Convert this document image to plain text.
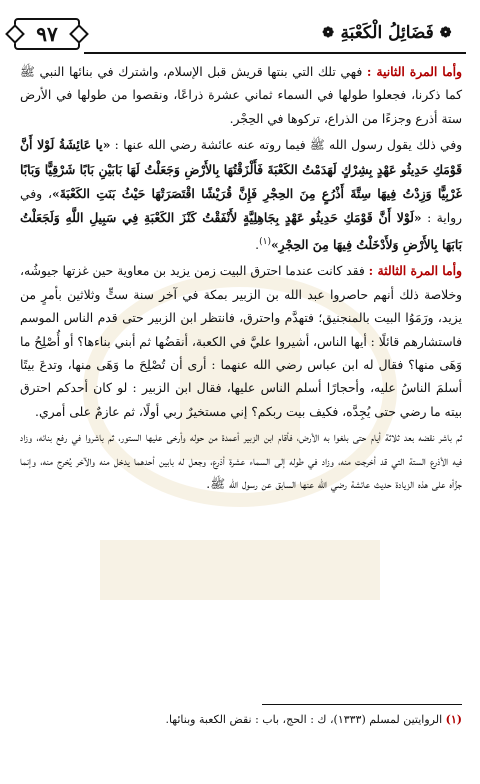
٩٧	❁ فَضَائِلُ الْكَعْبَةِ ❁

وأما المرة الثانية : فهي تلك التي بنتها قريش قبل الإسلام، واشترك في بنائها النبي ﷺ كما ذكرنا، فجعلوا طولها في السماء ثماني عشرة ذراعًا، ونقصوا من طولها في الأرض ستة أذرع وجزءًا من الذراع، تركوها في الحِجْر.

وفي ذلك يقول رسول الله ﷺ فيما روته عنه عائشة رضي الله عنها : «يا عَائِشَةُ لَوْلا أَنَّ قَوْمَكِ حَدِيثُو عَهْدٍ بِشِرْكٍ لَهَدَمْتُ الكَعْبَةَ فَأَلْزَقْتُهَا بِالأَرْضِ وَجَعَلْتُ لَهَا بَابَيْنِ بَابًا شَرْقِيًّا وَبَابًا غَرْبِيًّا وَزِدْتُ فِيهَا سِتَّةَ أَذْرُعٍ مِنَ الحِجْرِ فَإِنَّ قُرَيْشًا اقْتَصَرَتْهَا حَيْثُ بَنَتِ الكَعْبَةَ»، وفي رواية : «لَوْلا أَنَّ قَوْمَكِ حَدِيثُو عَهْدٍ بِجَاهِلِيَّةٍ لأَنْفَقْتُ كَنْزَ الكَعْبَةِ فِي سَبِيلِ اللَّهِ وَلَجَعَلْتُ بَابَهَا بِالأَرْضِ وَلأَدْخَلْتُ فِيهَا مِنَ الحِجْرِ»$^{(١)}$.

وأما المرة الثالثة : فقد كانت عندما احترق البيت زمن يزيد بن معاوية حين غزتها جيوشُه، وخلاصة ذلك أنهم حاصروا عبد الله بن الزبير بمكة في آخر سنة ستٍّ وثلاثين بأمرٍ من يزيد، ورَمَوُا البيت بالمنجنيق؛ فتهدَّم واحترق، فانتظر ابن الزبير حتى قدم الناس الموسم فاستشارهم قائلًا : أيها الناس، أشيروا عليَّ في الكعبة، أنقضُها ثم أبني بناءها؟ أو أُصْلِحُ ما وَهَى منها؟ فقال له ابن عباس رضي الله عنهما : أرى أن تُصْلِحَ ما وَهَى منها، وتدعَ بيتًا أسلمَ الناسُ عليه، وأحجارًا أسلم الناس عليها، فقال ابن الزبير : لو كان أحدكم احترق بيته ما رضي حتى يُجِدَّه، فكيف بيت ربكم؟ إني مستخيرٌ ربي أولًا، ثم عازمٌ على أمري.

ثم باشر نقضه بعد ثلاثة أيام حتى بلغوا به الأرض، فأقام ابن الزبير أعمدة من حوله وأرخى عليها الستور، ثم باشروا في رفع بنائه، وزاد فيه الأذرع الستة التي قد أخرجت منه، وزاد في طوله إلى السماء عشرة أذرع، وجعل له بابين أحدهما يدخل منه والآخر يُخرج منه، وإنما جزَّأه على هذه الزيادة حديث عائشة رضي الله عنها السابق عن رسول الله ﷺ.

(١) الروايتين لمسلم (١٣٣٣)، ك : الحج، باب : نقض الكعبة وبنائها.
